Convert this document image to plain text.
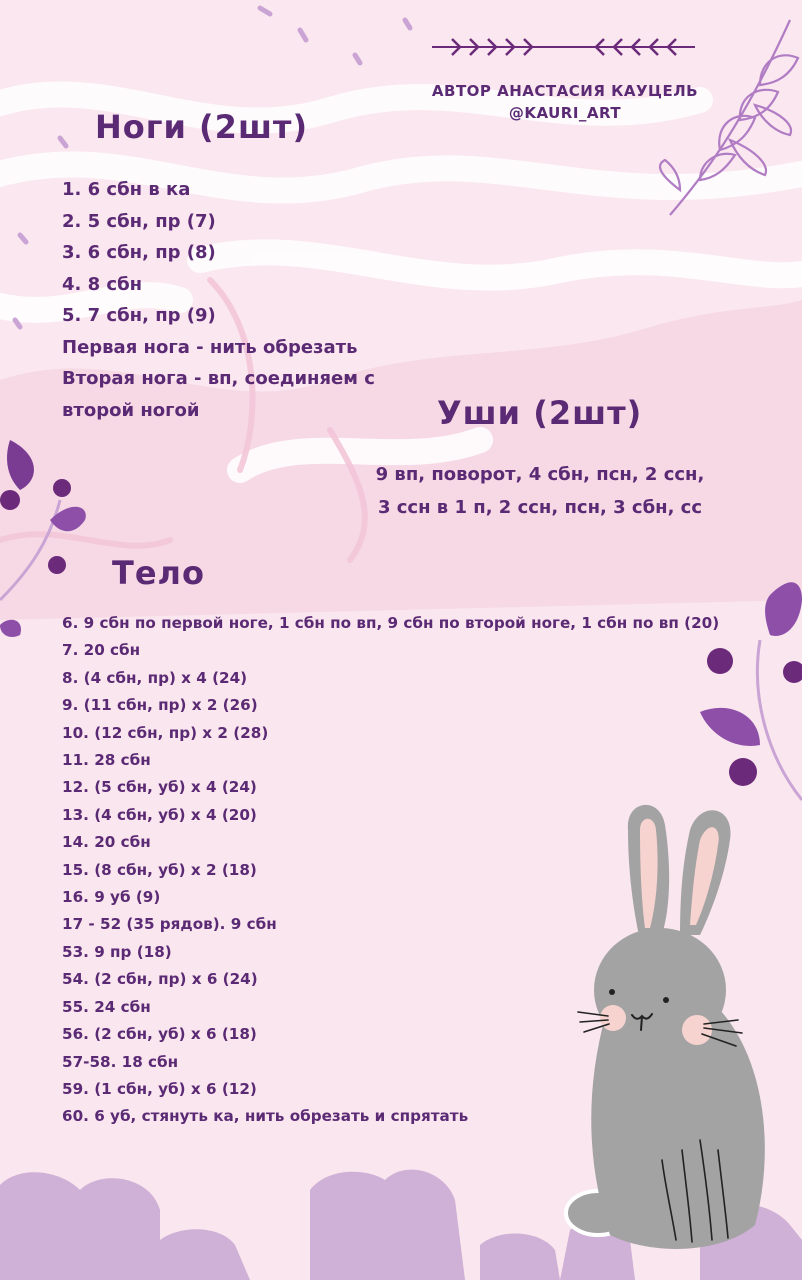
АВТОР АНАСТАСИЯ КАУЦЕЛЬ
@KAURI_ART
Ноги (2шт)
1. 6 сбн в ка
2. 5 сбн, пр (7)
3. 6 сбн, пр (8)
4. 8 сбн
5. 7 сбн, пр (9)
Первая нога - нить обрезать
Вторая нога - вп, соединяем с
второй ногой	Уши (2шт)
9 вп, поворот, 4 сбн, псн, 2 ссн,
3 ссн в 1 п, 2 ссн, псн, 3 сбн, сс
Тело
6. 9 сбн по первой ноге, 1 сбн по вп, 9 сбн по второй ноге, 1 сбн по вп (20)
7. 20 сбн
8. (4 сбн, пр) х 4 (24)
9. (11 сбн, пр) х 2 (26)
10. (12 сбн, пр) х 2 (28)
11. 28 сбн
12. (5 сбн, уб) х 4 (24)
13. (4 сбн, уб) х 4 (20)
14. 20 сбн
15. (8 сбн, уб) х 2 (18)
16. 9 уб (9)
17 - 52 (35 рядов). 9 сбн
53. 9 пр (18)
54. (2 сбн, пр) х 6 (24)
55. 24 сбн
56. (2 сбн, уб) х 6 (18)
57-58. 18 сбн
59. (1 сбн, уб) х 6 (12)
60. 6 уб, стянуть ка, нить обрезать и спрятать
